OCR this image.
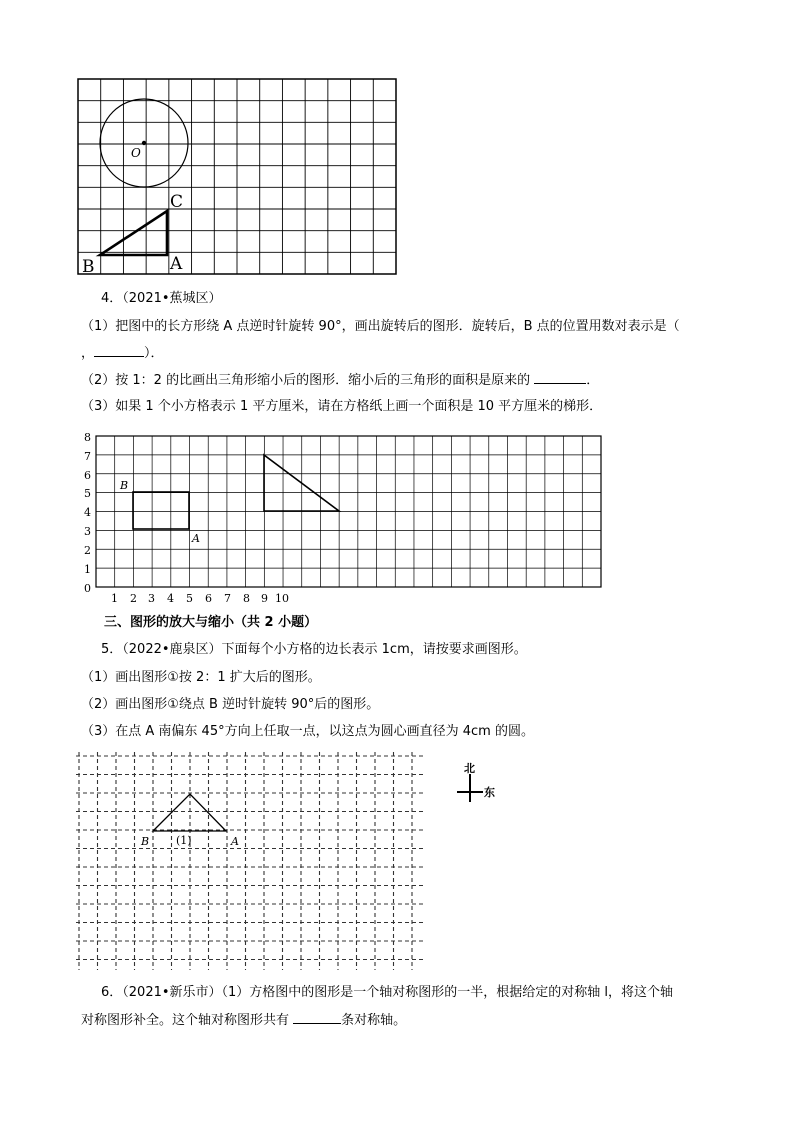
O
C
B	A
4．（2021•蕉城区）
（1）把图中的长方形绕 A 点逆时针旋转 90°，画出旋转后的图形．旋转后，B 点的位置用数对表示是（
，	）．
（2）按 1：2 的比画出三角形缩小后的图形．缩小后的三角形的面积是原来的	．
（3）如果 1 个小方格表示 1 平方厘米，请在方格纸上画一个面积是 10 平方厘米的梯形．
8
7
6
5
4
3
2
1
0
1 2 3 4 5 6 7 8 9 10
B
A
三、图形的放大与缩小（共 2 小题）
5．（2022•鹿泉区）下面每个小方格的边长表示 1cm，请按要求画图形。
（1）画出图形①按 2：1 扩大后的图形。
（2）画出图形①绕点 B 逆时针旋转 90°后的图形。
（3）在点 A 南偏东 45°方向上任取一点，以这点为圆心画直径为 4cm 的圆。
(1)
B	A
北
东
6．（2021•新乐市）（1）方格图中的图形是一个轴对称图形的一半，根据给定的对称轴 l，将这个轴
对称图形补全。这个轴对称图形共有	条对称轴。
